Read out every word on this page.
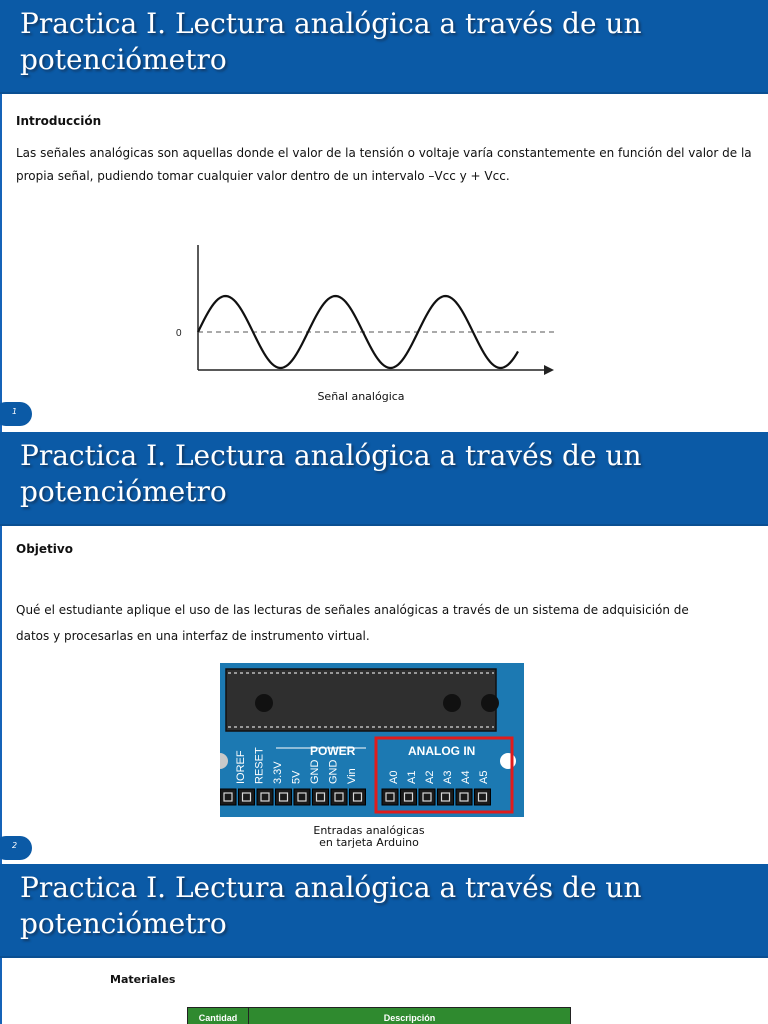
Practica I. Lectura analógica a través de un potenciómetro
Introducción
Las señales analógicas son aquellas donde el valor de la tensión o voltaje varía constantemente en función del valor de la propia señal, pudiendo tomar cualquier valor dentro de un intervalo –Vcc y + Vcc.
0
Señal analógica
1
Practica I. Lectura analógica a través de un potenciómetro
Objetivo
Qué el estudiante aplique el uso de las lecturas de señales analógicas a través de un sistema de adquisición de
datos y procesarlas en una interfaz de instrumento virtual.
POWER	ANALOG IN
IOREF RESET 3.3V 5V GND GND Vin	A0 A1 A2 A3 A4 A5
Entradas analógicas
en tarjeta Arduino
2
Practica I. Lectura analógica a través de un potenciómetro
Materiales
Cantidad	Descripción
